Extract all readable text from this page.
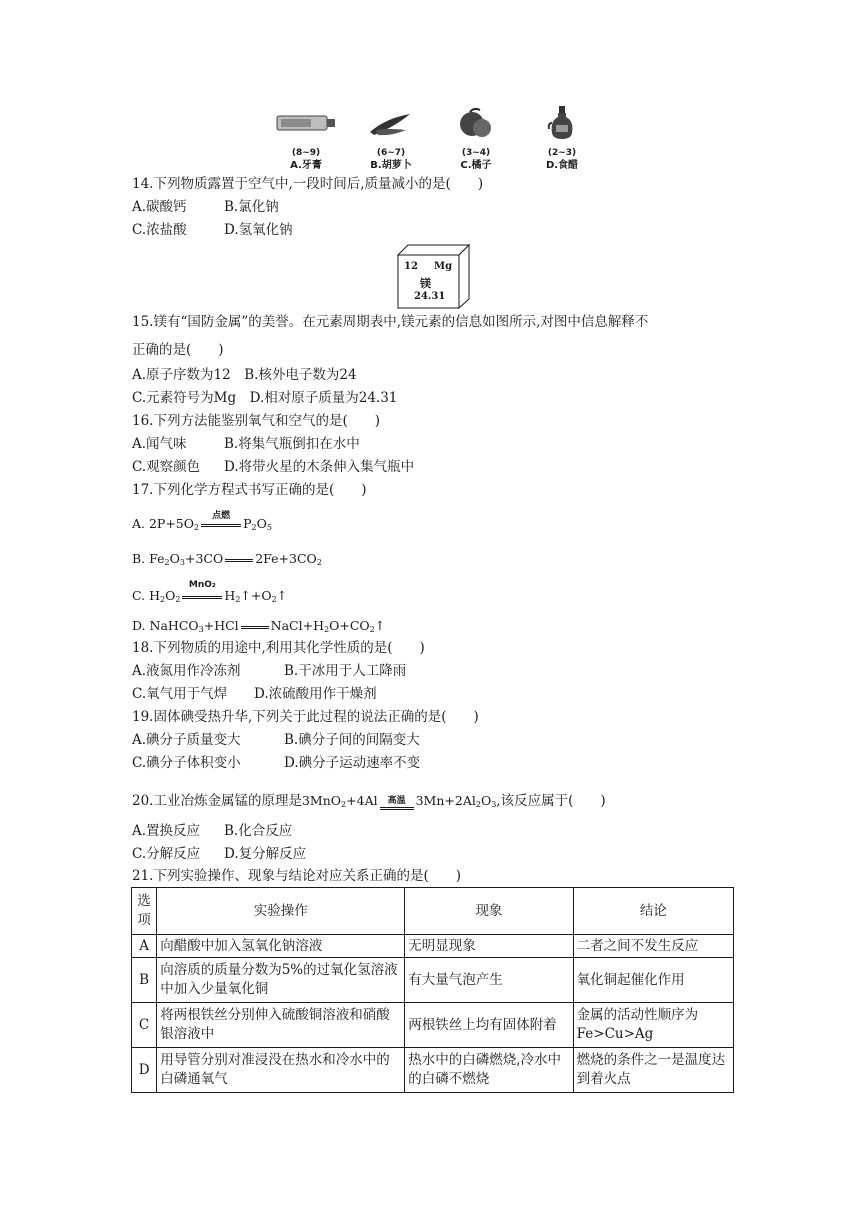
(8~9)
A.牙膏
(6~7)
B.胡萝卜
(3~4)
C.橘子
(2~3)
D.食醋
14.下列物质露置于空气中,一段时间后,质量减小的是(　　)
A.碳酸钙	B.氯化钠
C.浓盐酸	D.氢氧化钠
12 Mg
镁
24.31
15.镁有“国防金属”的美誉。在元素周期表中,镁元素的信息如图所示,对图中信息解释不
正确的是(　　)
A.原子序数为12　B.核外电子数为24
C.元素符号为Mg　D.相对原子质量为24.31
16.下列方法能鉴别氧气和空气的是(　　)
A.闻气味	B.将集气瓶倒扣在水中
C.观察颜色 D.将带火星的木条伸入集气瓶中
17.下列化学方程式书写正确的是(　　)
A. $2P+5O_2$
点燃	$P_2O_5$
B. $Fe_2O_3+3CO$	$2Fe+3CO_2$
C. $H_2O_2$
MnO₂
$H_2↑+O_2↑$
D. NaHCO$_3$+HCl	$NaCl+H_2O+CO_2↑$
18.下列物质的用途中,利用其化学性质的是(　　)
A.液氮用作冷冻剂	B.干冰用于人工降雨
C.氧气用于气焊 D.浓硫酸用作干燥剂
19.固体碘受热升华,下列关于此过程的说法正确的是(　　)
A.碘分子质量变大	B.碘分子间的间隔变大
C.碘分子体积变小	D.碘分子运动速率不变
20.工业冶炼金属锰的原理是3MnO$_2$+4Al	高温 $3Mn+2Al_2O_3$,该反应属于(　　)
A.置换反应 B.化合反应
C.分解反应 D.复分解反应
21.下列实验操作、现象与结论对应关系正确的是(　　)
选项	实验操作	现象	结论
A	向醋酸中加入氢氧化钠溶液	无明显现象	二者之间不发生反应
B	向溶质的质量分数为5%的过氧化氢溶液中加入少量氧化铜	有大量气泡产生	氧化铜起催化作用
C	将两根铁丝分别伸入硫酸铜溶液和硝酸银溶液中	两根铁丝上均有固体附着	金属的活动性顺序为Fe>Cu>Ag
D	用导管分别对准浸没在热水和冷水中的白磷通氧气	热水中的白磷燃烧,冷水中的白磷不燃烧	燃烧的条件之一是温度达到着火点
